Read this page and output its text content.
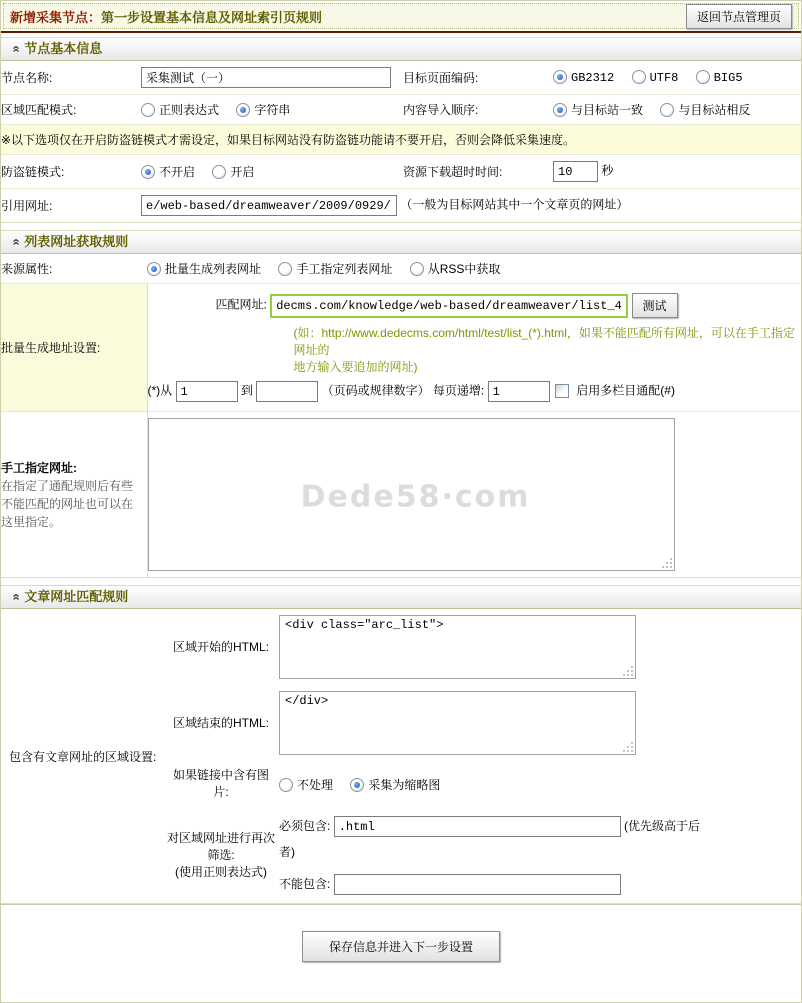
新增采集节点：第一步设置基本信息及网址索引页规则	返回节点管理页
«节点基本信息
节点名称:	采集测试（一）	目标页面编码:	GB2312 UTF8 BIG5
区域匹配模式:	正则表达式 字符串	内容导入顺序:	与目标站一致 与目标站相反
※以下选项仅在开启防盗链模式才需设定，如果目标网站没有防盗链功能请不要开启，否则会降低采集速度。			
防盗链模式:	不开启 开启	资源下载超时时间:	10秒
引用网址:	e/web-based/dreamweaver/2009/0929/765.html（一般为目标网站其中一个文章页的网址）
«列表网址获取规则
来源属性:	批量生成列表网址 手工指定列表网址 从RSS中获取
批量生成地址设置:	匹配网址: decms.com/knowledge/web-based/dreamweaver/list_47_(*).html 测试
(如：http://www.dedecms.com/html/test/list_(*).html，如果不能匹配所有网址，可以在手工指定网址的
地方输入要追加的网址)
(*)从 1 到 （页码或规律数字） 每页递增: 1 启用多栏目通配(#)

手工指定网址:
在指定了通配规则后有些不能匹配的网址也可以在这里指定。	Dede58·com
«文章网址匹配规则
包含有文章网址的区域设置:	区域开始的HTML:	
<div class="arc_list">

	区域结束的HTML:	
</div>

	如果链接中含有图
片:	不处理 采集为缩略图

对区域网址进行再次
筛选:
(使用正则表达式)

必须包含: .html	(优先级高于后者)
不能包含:
保存信息并进入下一步设置
